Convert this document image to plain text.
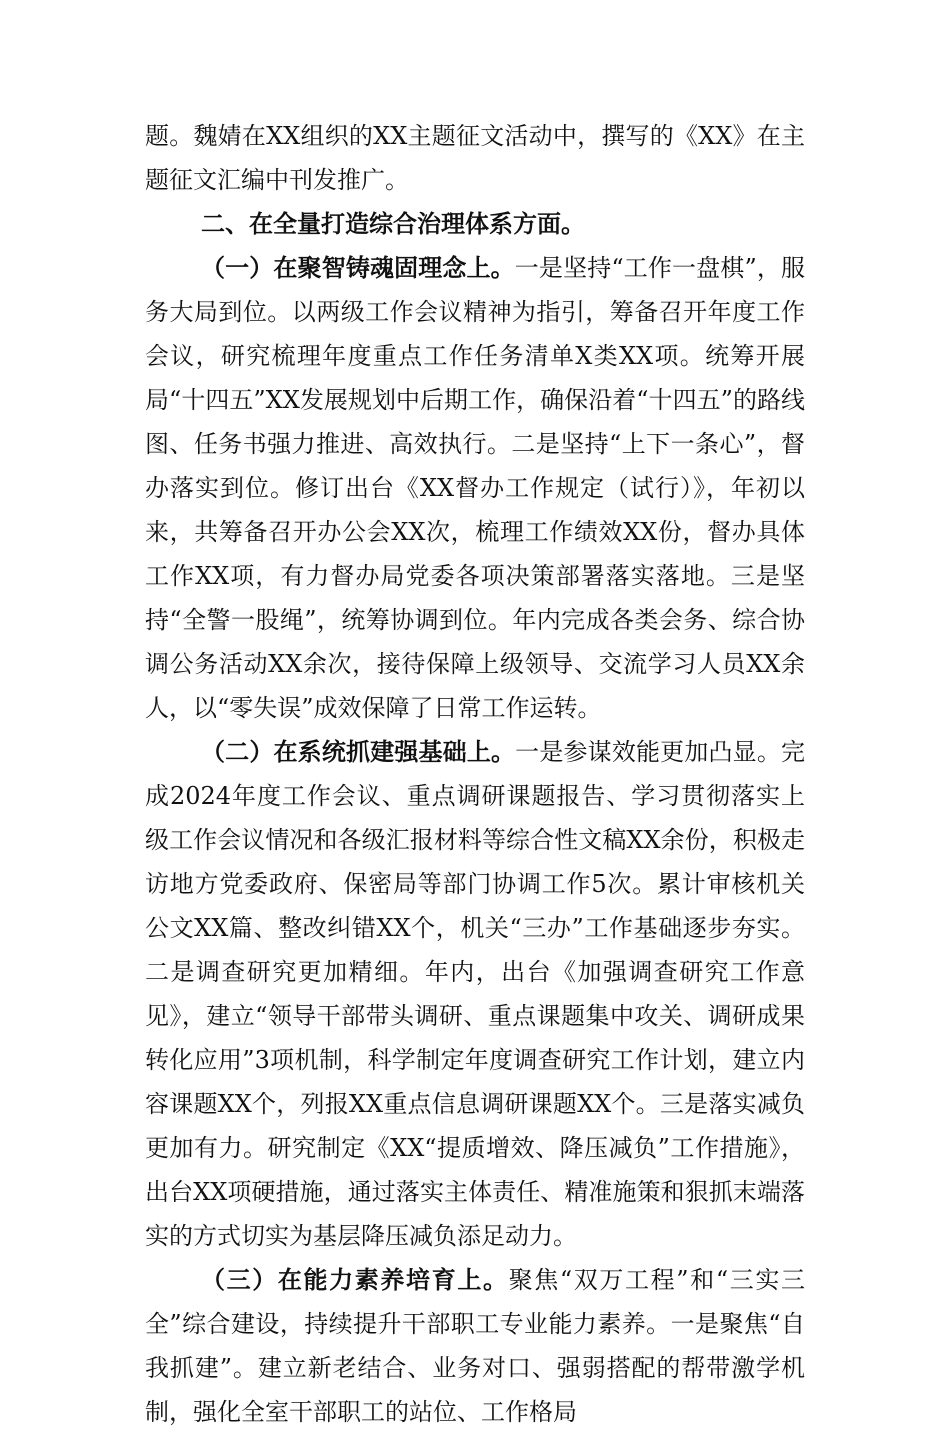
题。魏婧在XX组织的XX主题征文活动中，撰写的《XX》在主题征文汇编中刊发推广。

二、在全量打造综合治理体系方面。

（一）在聚智铸魂固理念上。一是坚持“工作一盘棋”，服务大局到位。以两级工作会议精神为指引，筹备召开年度工作会议，研究梳理年度重点工作任务清单X类XX项。统筹开展局“十四五”XX发展规划中后期工作，确保沿着“十四五”的路线图、任务书强力推进、高效执行。二是坚持“上下一条心”，督办落实到位。修订出台《XX督办工作规定（试行）》，年初以来，共筹备召开办公会XX次，梳理工作绩效XX份，督办具体工作XX项，有力督办局党委各项决策部署落实落地。三是坚持“全警一股绳”，统筹协调到位。年内完成各类会务、综合协调公务活动XX余次，接待保障上级领导、交流学习人员XX余人，以“零失误”成效保障了日常工作运转。

（二）在系统抓建强基础上。一是参谋效能更加凸显。完成2024年度工作会议、重点调研课题报告、学习贯彻落实上级工作会议情况和各级汇报材料等综合性文稿XX余份，积极走访地方党委政府、保密局等部门协调工作5次。累计审核机关公文XX篇、整改纠错XX个，机关“三办”工作基础逐步夯实。二是调查研究更加精细。年内，出台《加强调查研究工作意见》，建立“领导干部带头调研、重点课题集中攻关、调研成果转化应用”3项机制，科学制定年度调查研究工作计划，建立内容课题XX个，列报XX重点信息调研课题XX个。三是落实减负更加有力。研究制定《XX“提质增效、降压减负”工作措施》，出台XX项硬措施，通过落实主体责任、精准施策和狠抓末端落实的方式切实为基层降压减负添足动力。

（三）在能力素养培育上。聚焦“双万工程”和“三实三全”综合建设，持续提升干部职工专业能力素养。一是聚焦“自我抓建”。建立新老结合、业务对口、强弱搭配的帮带激学机制，强化全室干部职工的站位、工作格局
